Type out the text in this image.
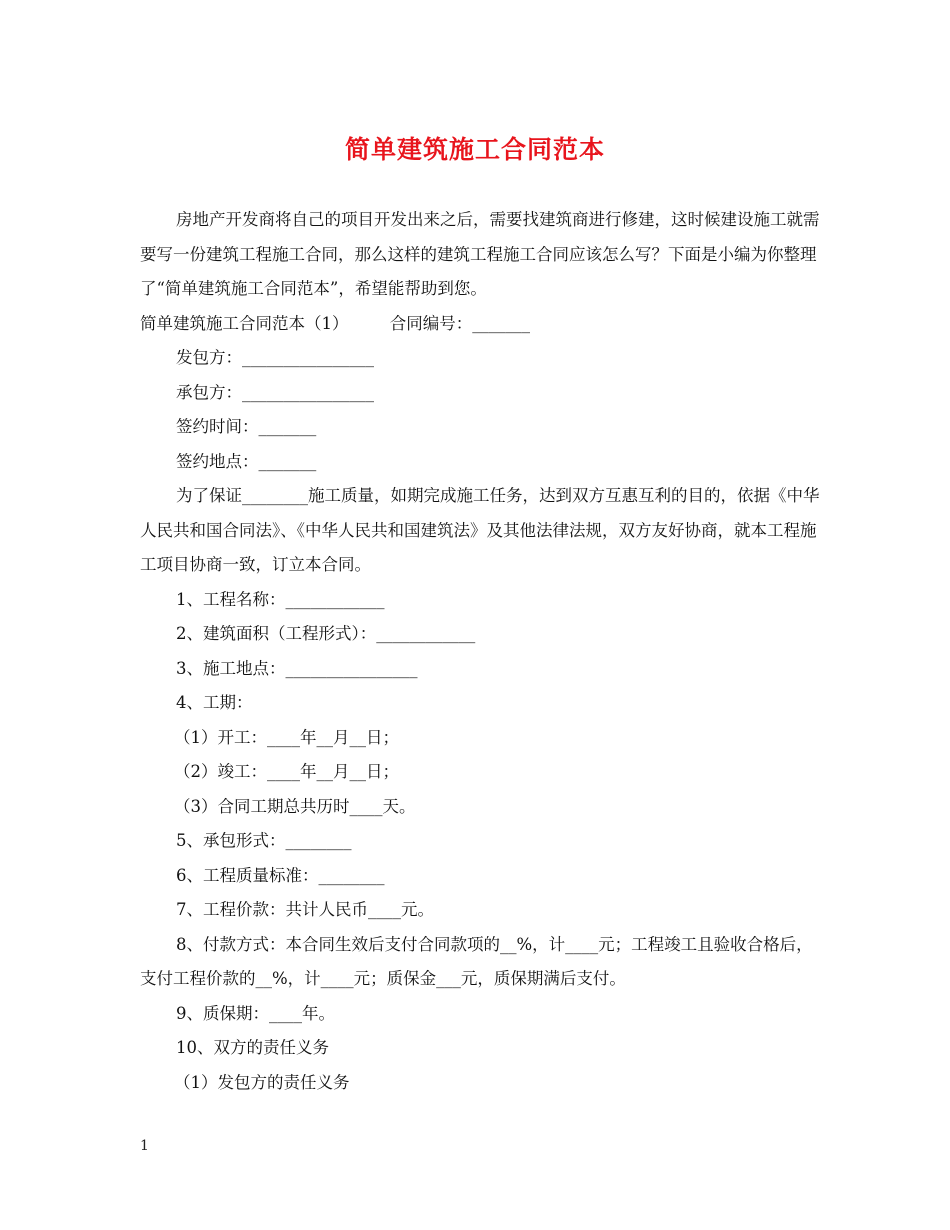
简单建筑施工合同范本

房地产开发商将自己的项目开发出来之后，需要找建筑商进行修建，这时候建设施工就需要写一份建筑工程施工合同，那么这样的建筑工程施工合同应该怎么写？下面是小编为你整理了“简单建筑施工合同范本”，希望能帮助到您。

简单建筑施工合同范本（1）　　　合同编号：_______

发包方：________________

承包方：________________

签约时间：_______

签约地点：_______

为了保证________施工质量，如期完成施工任务，达到双方互惠互利的目的，依据《中华人民共和国合同法》、《中华人民共和国建筑法》及其他法律法规，双方友好协商，就本工程施工项目协商一致，订立本合同。

1、工程名称：____________

2、建筑面积（工程形式）：____________

3、施工地点：________________

4、工期：

（1）开工：____年__月__日；

（2）竣工：____年__月__日；

（3）合同工期总共历时____天。

5、承包形式：________

6、工程质量标准：________

7、工程价款：共计人民币____元。

8、付款方式：本合同生效后支付合同款项的__%，计____元；工程竣工且验收合格后，支付工程价款的__%，计____元；质保金___元，质保期满后支付。

9、质保期：____年。

10、双方的责任义务

（1）发包方的责任义务

1
